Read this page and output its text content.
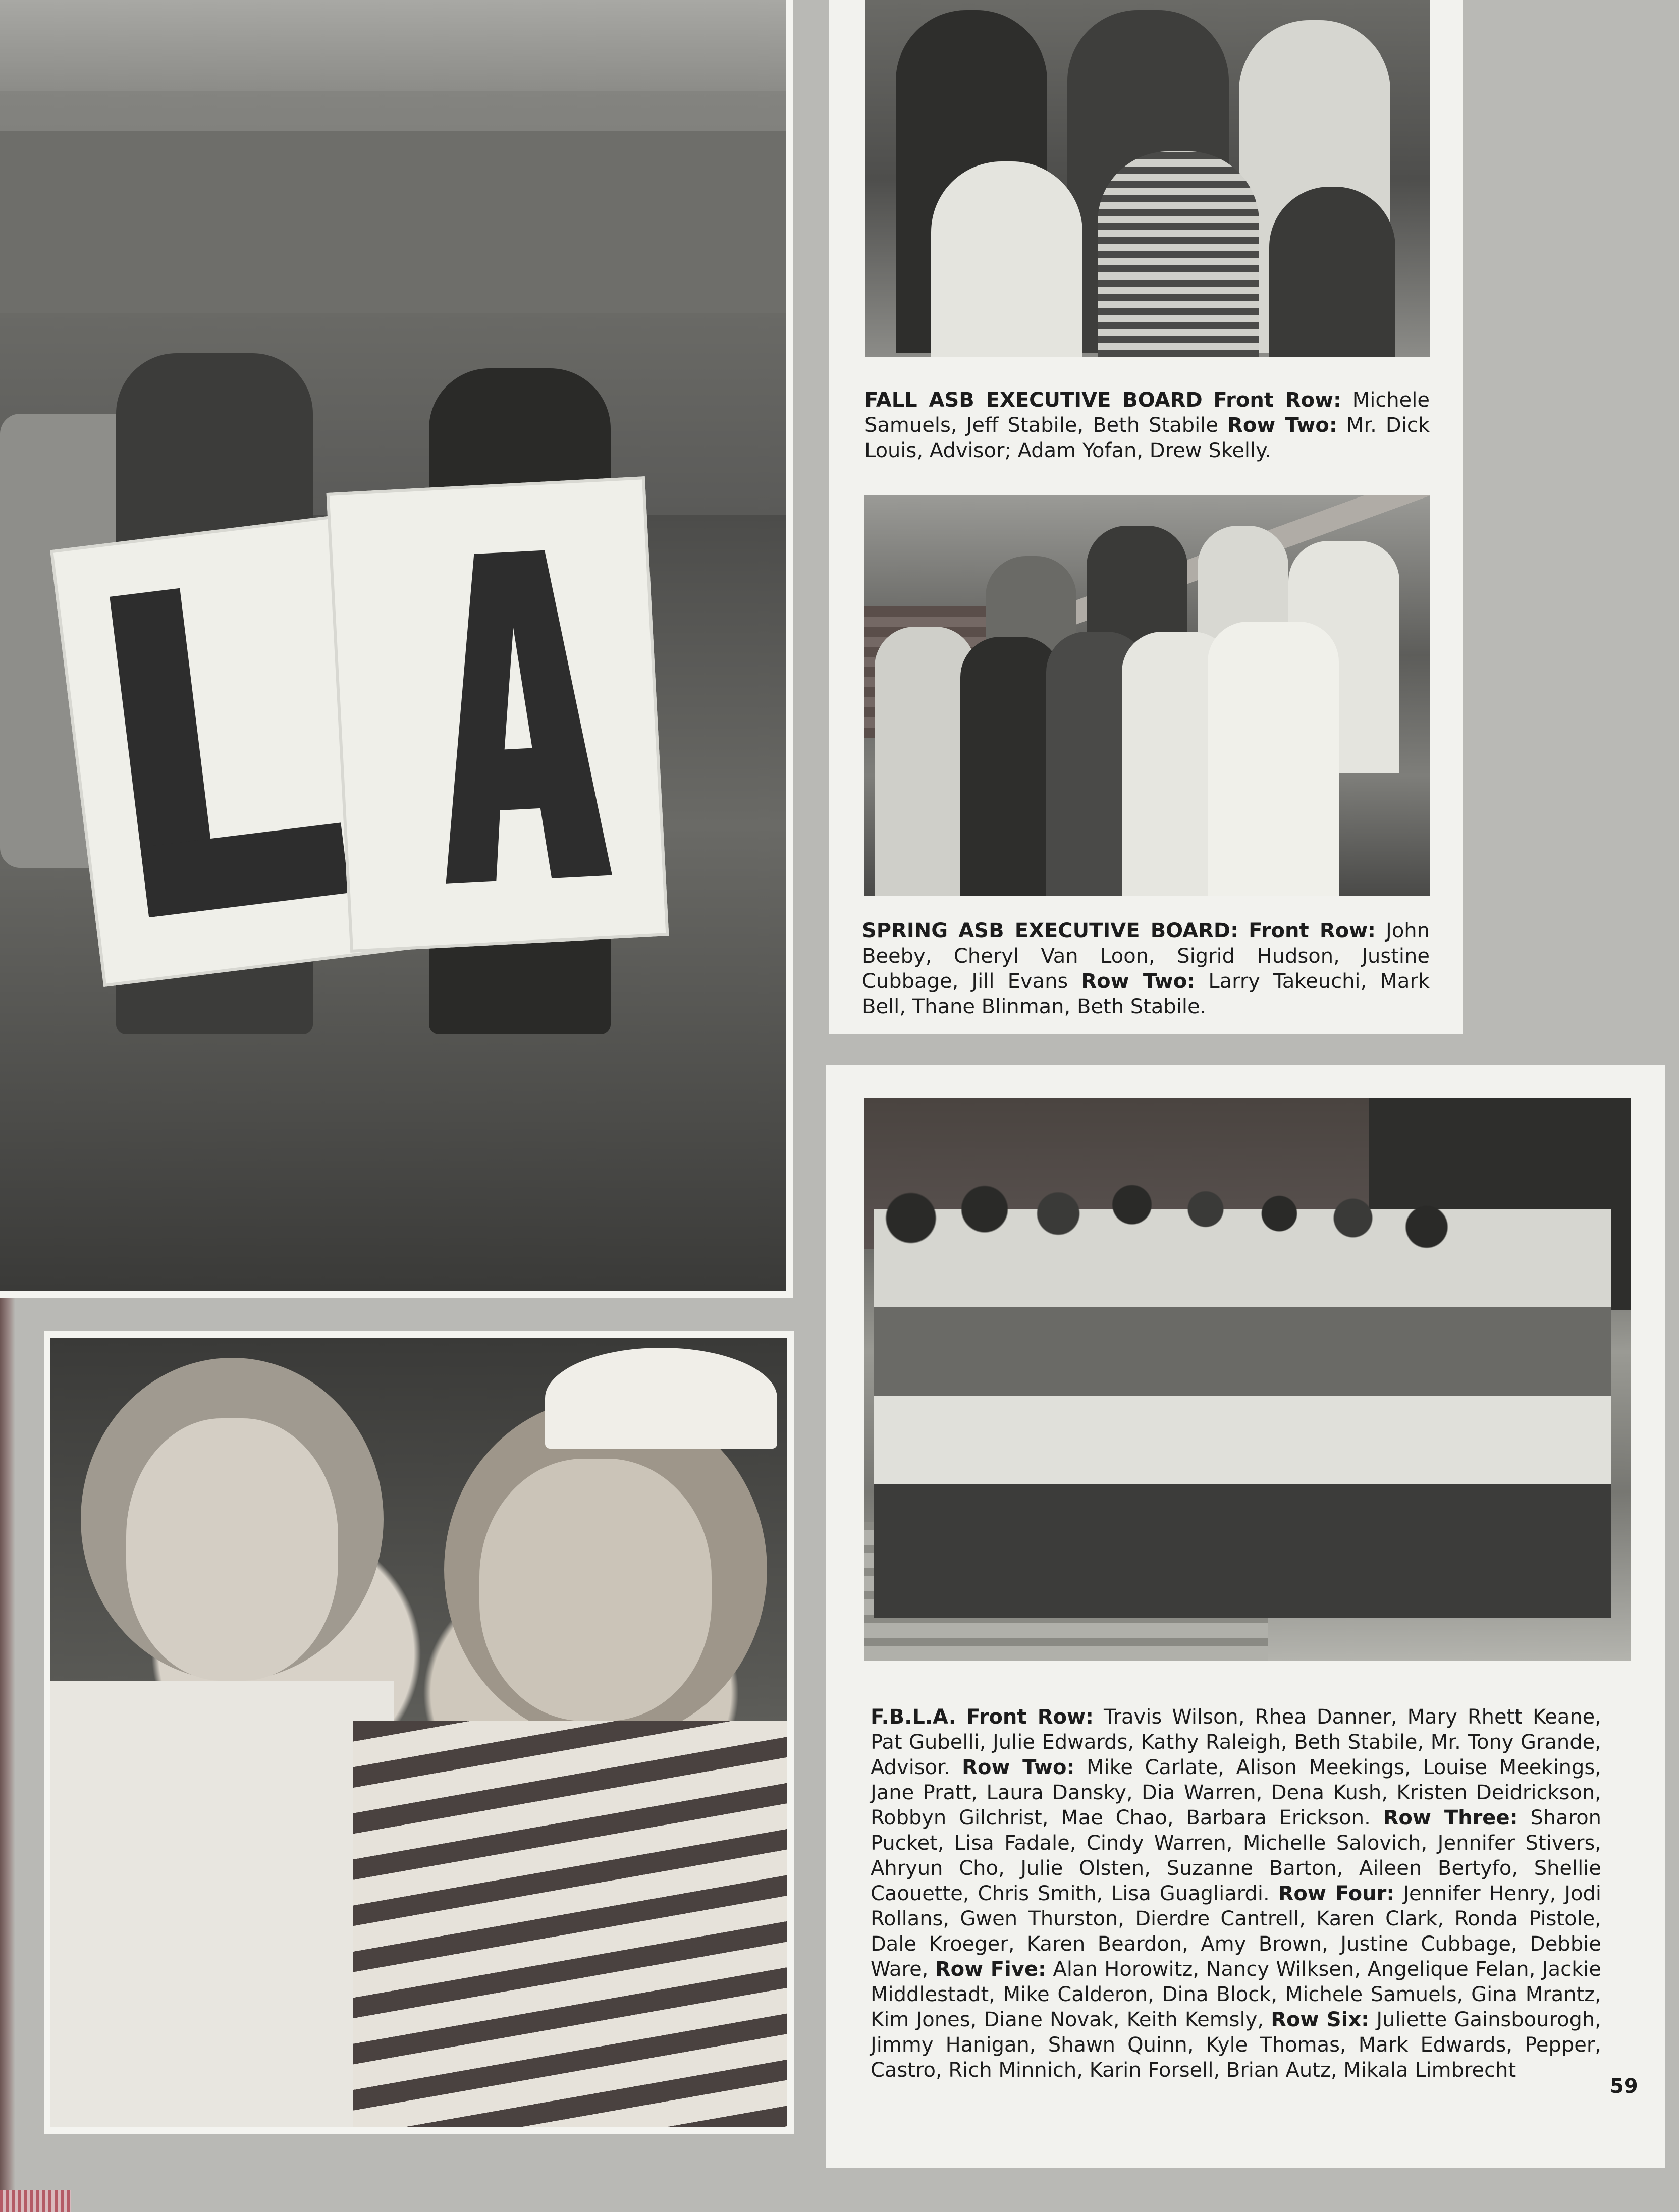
FALL ASB EXECUTIVE BOARD Front Row: Michele Samuels, Jeff Stabile, Beth Stabile Row Two: Mr. Dick Louis, Advisor; Adam Yofan, Drew Skelly.
SPRING ASB EXECUTIVE BOARD: Front Row: John Beeby, Cheryl Van Loon, Sigrid Hudson, Justine Cubbage, Jill Evans Row Two: Larry Takeuchi, Mark Bell, Thane Blinman, Beth Stabile.
F.B.L.A. Front Row: Travis Wilson, Rhea Danner, Mary Rhett Keane, Pat Gubelli, Julie Edwards, Kathy Raleigh, Beth Stabile, Mr. Tony Grande, Advisor. Row Two: Mike Carlate, Alison Meekings, Louise Meekings, Jane Pratt, Laura Dansky, Dia Warren, Dena Kush, Kristen Deidrickson, Robbyn Gilchrist, Mae Chao, Barbara Erickson. Row Three: Sharon Pucket, Lisa Fadale, Cindy Warren, Michelle Salovich, Jennifer Stivers, Ahryun Cho, Julie Olsten, Suzanne Barton, Aileen Bertyfo, Shellie Caouette, Chris Smith, Lisa Guagliardi. Row Four: Jennifer Henry, Jodi Rollans, Gwen Thurston, Dierdre Cantrell, Karen Clark, Ronda Pistole, Dale Kroeger, Karen Beardon, Amy Brown, Justine Cubbage, Debbie Ware, Row Five: Alan Horowitz, Nancy Wilksen, Angelique Felan, Jackie Middlestadt, Mike Calderon, Dina Block, Michele Samuels, Gina Mrantz, Kim Jones, Diane Novak, Keith Kemsly, Row Six: Juliette Gainsbourogh, Jimmy Hanigan, Shawn Quinn, Kyle Thomas, Mark Edwards, Pepper, Castro, Rich Minnich, Karin Forsell, Brian Autz, Mikala Limbrecht
59
